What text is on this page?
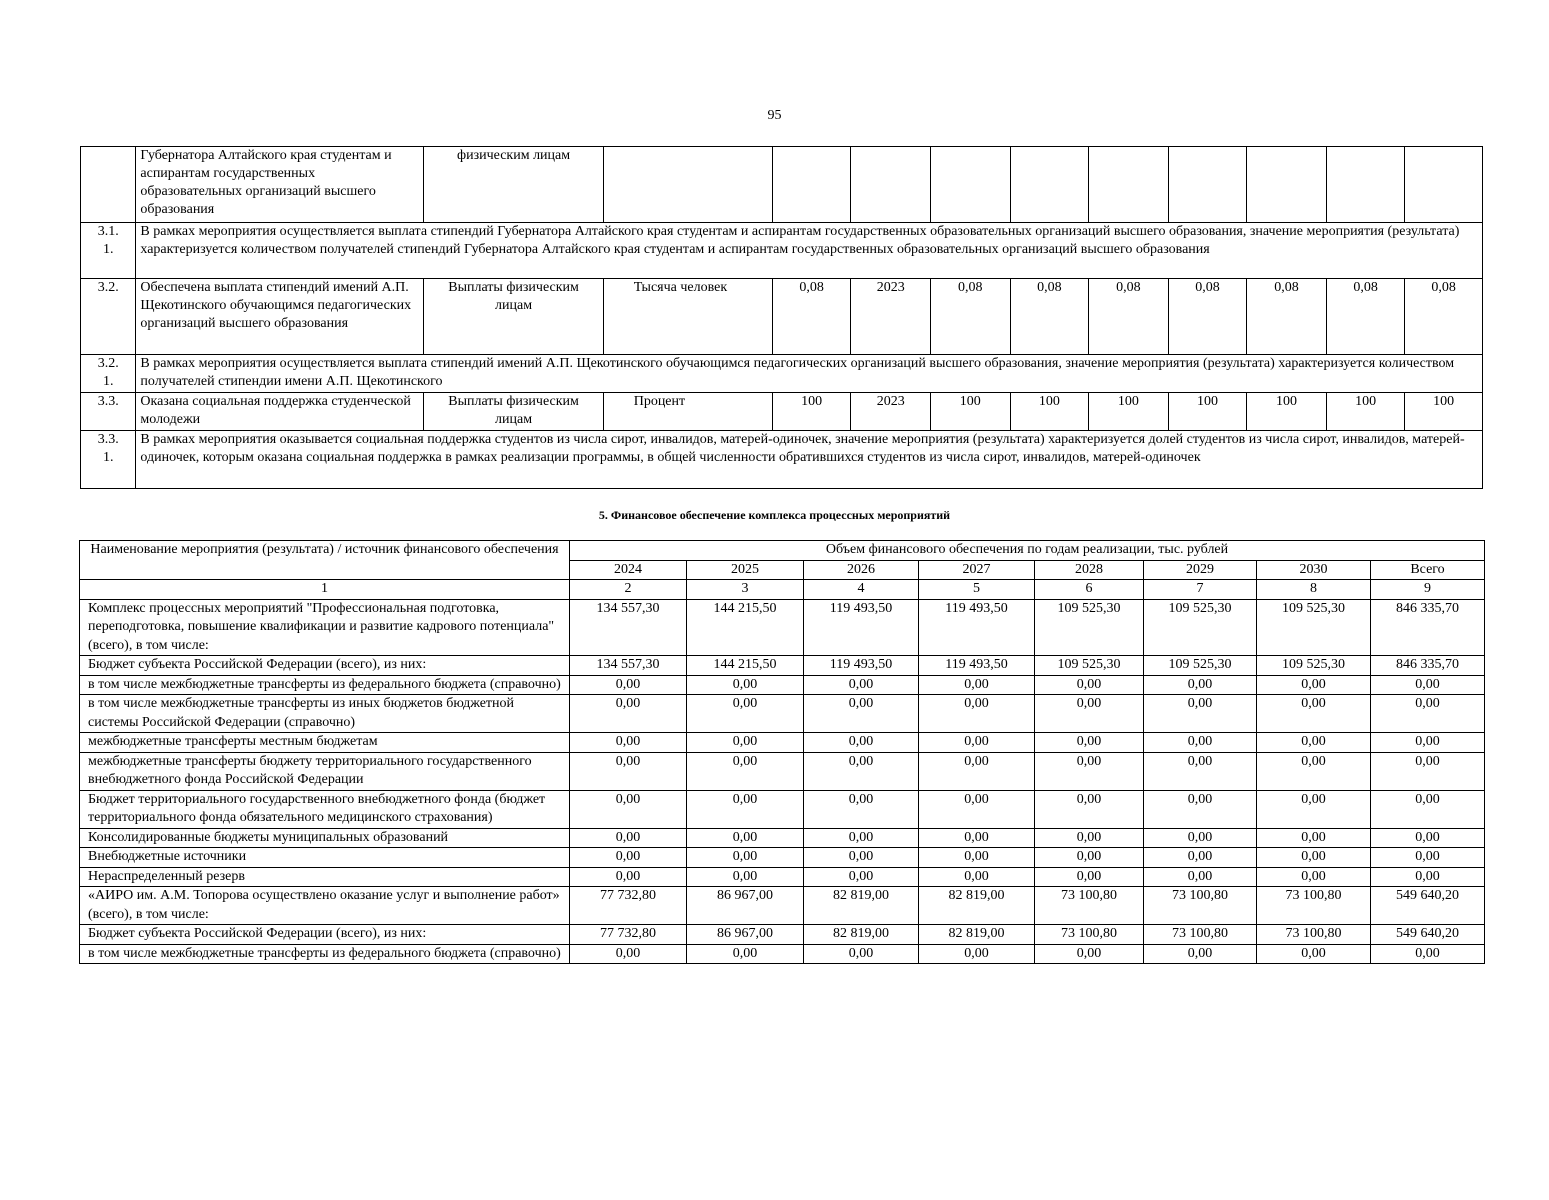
95
	Губернатора Алтайского края студентам и аспирантам государственных образовательных организаций высшего образования	физическим лицам										
3.1.
1.	В рамках мероприятия осуществляется выплата стипендий Губернатора Алтайского края студентам и аспирантам государственных образовательных организаций высшего образования, значение мероприятия (результата) характеризуется количеством получателей стипендий Губернатора Алтайского края студентам и аспирантам государственных образовательных организаций высшего образования											
3.2.	Обеспечена выплата стипендий имений А.П. Щекотинского обучающимся педагогических организаций высшего образования	Выплаты физическим лицам	Тысяча человек	0,08	2023	0,08	0,08	0,08	0,08	0,08	0,08	0,08
3.2.
1.	В рамках мероприятия осуществляется выплата стипендий имений А.П. Щекотинского обучающимся педагогических организаций высшего образования, значение мероприятия (результата) характеризуется количеством получателей стипендии имени А.П. Щекотинского											
3.3.	Оказана социальная поддержка студенческой молодежи	Выплаты физическим лицам	Процент	100	2023	100	100	100	100	100	100	100
3.3.
1.	В рамках мероприятия оказывается социальная поддержка студентов из числа сирот, инвалидов, матерей-одиночек, значение мероприятия (результата) характеризуется долей студентов из числа сирот, инвалидов, матерей-одиночек, которым оказана социальная поддержка в рамках реализации программы, в общей численности обратившихся студентов из числа сирот, инвалидов, матерей-одиночек											
5. Финансовое обеспечение комплекса процессных мероприятий
Наименование мероприятия (результата) / источник финансового обеспечения	Объем финансового обеспечения по годам реализации, тыс. рублей							
	2024	2025	2026	2027	2028	2029	2030	Всего
1	2	3	4	5	6	7	8	9
Комплекс процессных мероприятий "Профессиональная подготовка, переподготовка, повышение квалификации и развитие кадрового потенциала" (всего), в том числе:	134 557,30	144 215,50	119 493,50	119 493,50	109 525,30	109 525,30	109 525,30	846 335,70
Бюджет субъекта Российской Федерации (всего), из них:	134 557,30	144 215,50	119 493,50	119 493,50	109 525,30	109 525,30	109 525,30	846 335,70
в том числе межбюджетные трансферты из федерального бюджета (справочно)	0,00	0,00	0,00	0,00	0,00	0,00	0,00	0,00
в том числе межбюджетные трансферты из иных бюджетов бюджетной системы Российской Федерации (справочно)	0,00	0,00	0,00	0,00	0,00	0,00	0,00	0,00
межбюджетные трансферты местным бюджетам	0,00	0,00	0,00	0,00	0,00	0,00	0,00	0,00
межбюджетные трансферты бюджету территориального государственного внебюджетного фонда Российской Федерации	0,00	0,00	0,00	0,00	0,00	0,00	0,00	0,00
Бюджет территориального государственного внебюджетного фонда (бюджет территориального фонда обязательного медицинского страхования)	0,00	0,00	0,00	0,00	0,00	0,00	0,00	0,00
Консолидированные бюджеты муниципальных образований	0,00	0,00	0,00	0,00	0,00	0,00	0,00	0,00
Внебюджетные источники	0,00	0,00	0,00	0,00	0,00	0,00	0,00	0,00
Нераспределенный резерв	0,00	0,00	0,00	0,00	0,00	0,00	0,00	0,00
«АИРО им. А.М. Топорова осуществлено оказание услуг и выполнение работ»
(всего), в том числе:	77 732,80	86 967,00	82 819,00	82 819,00	73 100,80	73 100,80	73 100,80	549 640,20
Бюджет субъекта Российской Федерации (всего), из них:	77 732,80	86 967,00	82 819,00	82 819,00	73 100,80	73 100,80	73 100,80	549 640,20
в том числе межбюджетные трансферты из федерального бюджета (справочно)	0,00	0,00	0,00	0,00	0,00	0,00	0,00	0,00
